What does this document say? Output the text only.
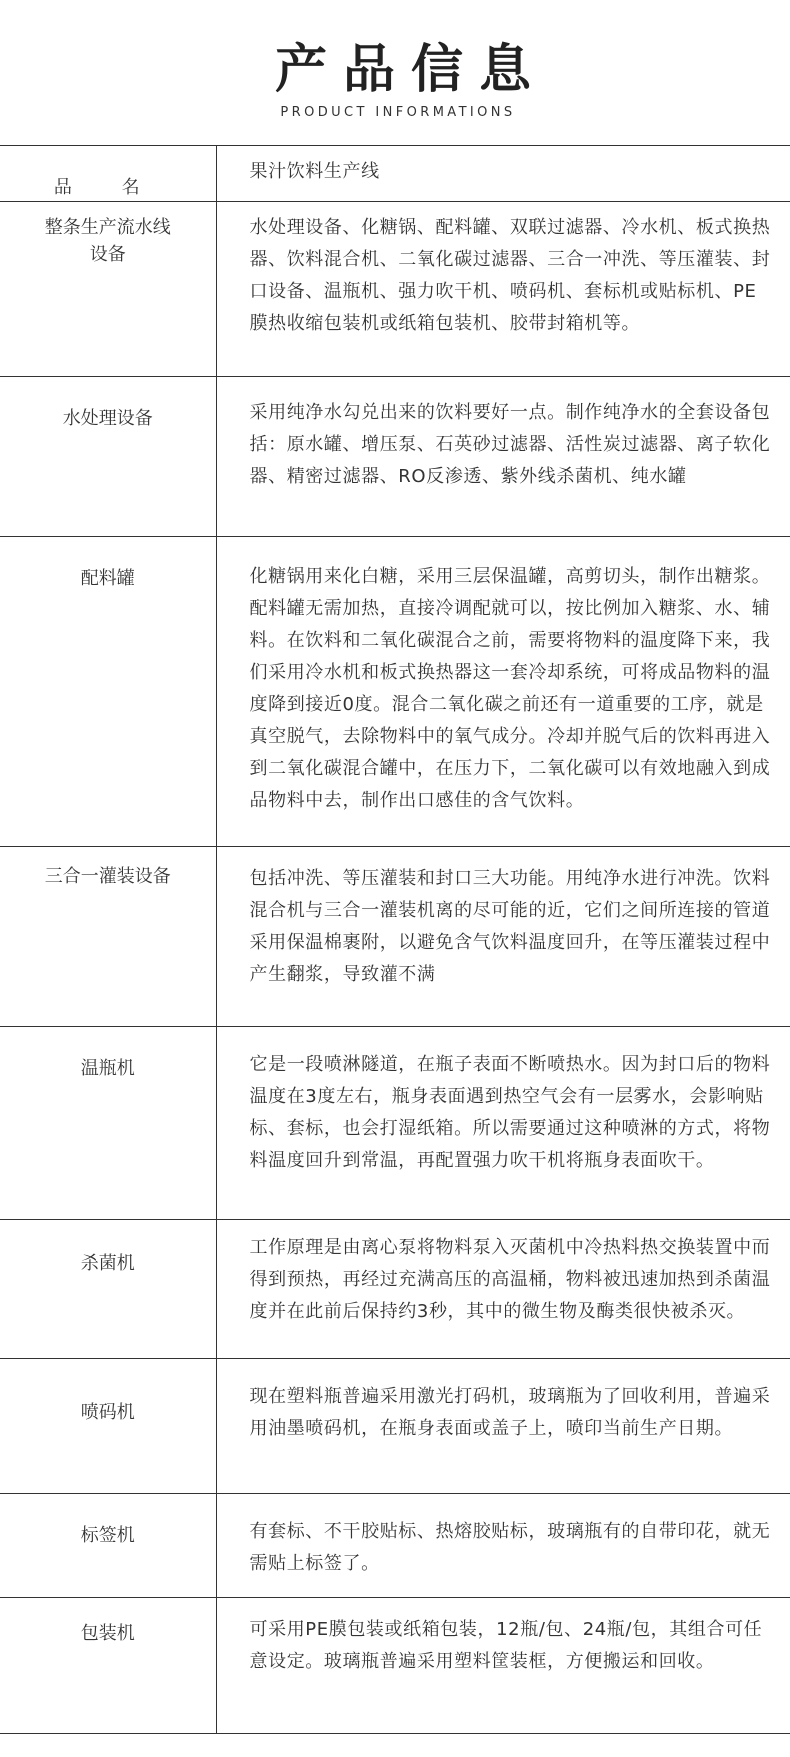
产品信息
PRODUCT INFORMATIONS
品 名	果汁饮料生产线
整条生产流水线设备	水处理设备、化糖锅、配料罐、双联过滤器、冷水机、板式换热器、饮料混合机、二氧化碳过滤器、三合一冲洗、等压灌装、封口设备、温瓶机、强力吹干机、喷码机、套标机或贴标机、PE膜热收缩包装机或纸箱包装机、胶带封箱机等。
水处理设备	采用纯净水勾兑出来的饮料要好一点。制作纯净水的全套设备包括：原水罐、增压泵、石英砂过滤器、活性炭过滤器、离子软化器、精密过滤器、RO反渗透、紫外线杀菌机、纯水罐
配料罐	化糖锅用来化白糖，采用三层保温罐，高剪切头，制作出糖浆。配料罐无需加热，直接冷调配就可以，按比例加入糖浆、水、辅料。在饮料和二氧化碳混合之前，需要将物料的温度降下来，我们采用冷水机和板式换热器这一套冷却系统，可将成品物料的温度降到接近0度。混合二氧化碳之前还有一道重要的工序，就是真空脱气，去除物料中的氧气成分。冷却并脱气后的饮料再进入到二氧化碳混合罐中，在压力下，二氧化碳可以有效地融入到成品物料中去，制作出口感佳的含气饮料。
三合一灌装设备	包括冲洗、等压灌装和封口三大功能。用纯净水进行冲洗。饮料混合机与三合一灌装机离的尽可能的近，它们之间所连接的管道采用保温棉裹附，以避免含气饮料温度回升，在等压灌装过程中产生翻浆，导致灌不满
温瓶机	它是一段喷淋隧道，在瓶子表面不断喷热水。因为封口后的物料温度在3度左右，瓶身表面遇到热空气会有一层雾水，会影响贴标、套标，也会打湿纸箱。所以需要通过这种喷淋的方式，将物料温度回升到常温，再配置强力吹干机将瓶身表面吹干。
杀菌机	工作原理是由离心泵将物料泵入灭菌机中冷热料热交换装置中而得到预热，再经过充满高压的高温桶，物料被迅速加热到杀菌温度并在此前后保持约3秒，其中的微生物及酶类很快被杀灭。
喷码机	现在塑料瓶普遍采用激光打码机，玻璃瓶为了回收利用，普遍采用油墨喷码机，在瓶身表面或盖子上，喷印当前生产日期。
标签机	有套标、不干胶贴标、热熔胶贴标，玻璃瓶有的自带印花，就无需贴上标签了。
包装机	可采用PE膜包装或纸箱包装，12瓶/包、24瓶/包，其组合可任意设定。玻璃瓶普遍采用塑料筐装框，方便搬运和回收。
